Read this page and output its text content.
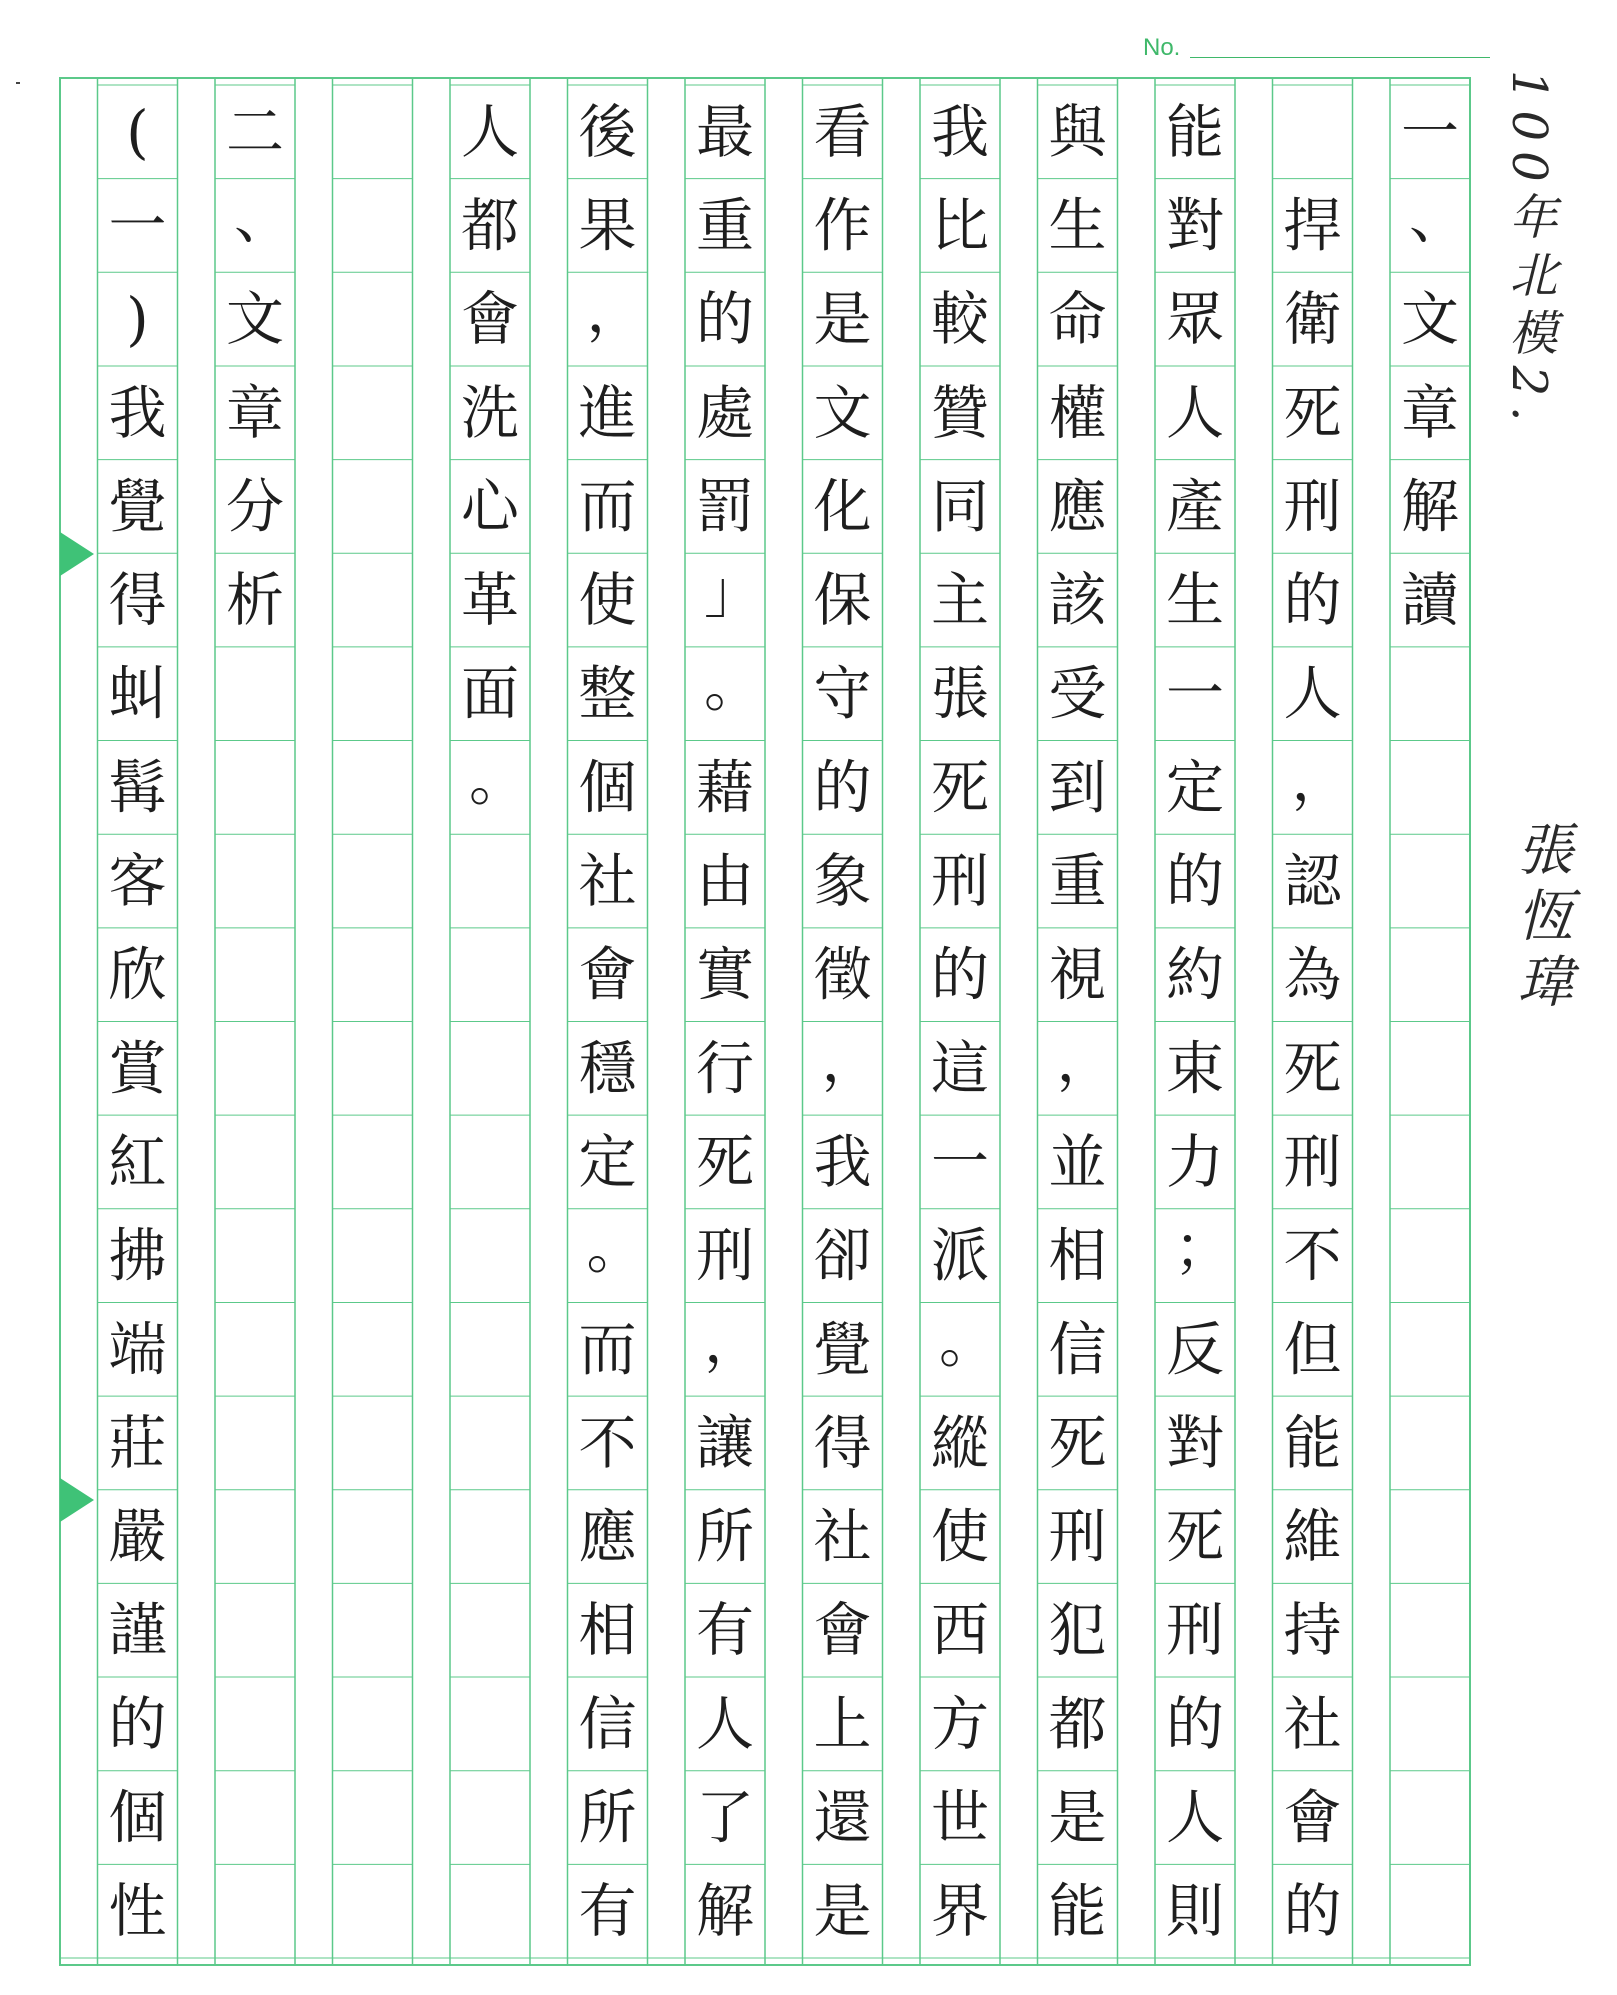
一
、
文
章
解
讀

捍
衛
死
刑
的
人
，
認
為
死
刑
不
但
能
維
持
社
會
的
能
對
眾
人
產
生
一
定
的
約
束
力
；
反
對
死
刑
的
人
則
與
生
命
權
應
該
受
到
重
視
，
並
相
信
死
刑
犯
都
是
能
我
比
較
贊
同
主
張
死
刑
的
這
一
派
。
縱
使
西
方
世
界
看
作
是
文
化
保
守
的
象
徵
，
我
卻
覺
得
社
會
上
還
是
最
重
的
處
罰
」
。
藉
由
實
行
死
刑
，
讓
所
有
人
了
解
後
果
，
進
而
使
整
個
社
會
穩
定
。
而
不
應
相
信
所
有
人
都
會
洗
心
革
面
。
二
、
文
章
分
析
(
一
)
我
覺
得
虯
髯
客
欣
賞
紅
拂
端
莊
嚴
謹
的
個
性
No.
100年北模2.
張恆瑋
